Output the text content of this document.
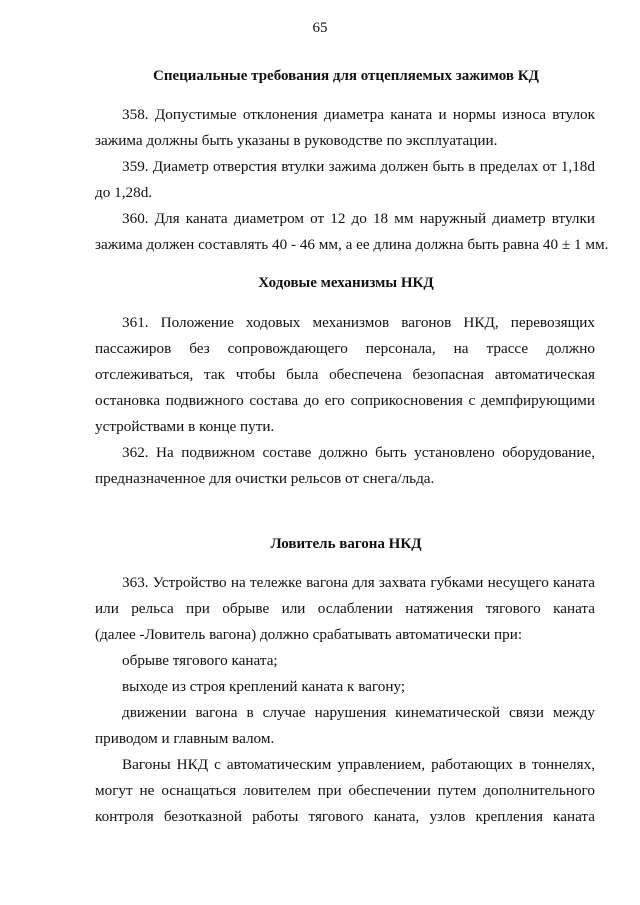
65
Специальные требования для отцепляемых зажимов КД
358. Допустимые отклонения диаметра каната и нормы износа втулок
зажима должны быть указаны в руководстве по эксплуатации.
359. Диаметр отверстия втулки зажима должен быть в пределах от 1,18d
до 1,28d.
360. Для каната диаметром от 12 до 18 мм наружный диаметр втулки
зажима должен составлять 40 - 46 мм, а ее длина должна быть равна 40 ± 1 мм.
Ходовые механизмы НКД
361. Положение ходовых механизмов вагонов НКД, перевозящих
пассажиров без сопровождающего персонала, на трассе должно
отслеживаться, так чтобы была обеспечена безопасная автоматическая
остановка подвижного состава до его соприкосновения с демпфирующими
устройствами в конце пути.
362. На подвижном составе должно быть установлено оборудование,
предназначенное для очистки рельсов от снега/льда.
Ловитель вагона НКД
363. Устройство на тележке вагона для захвата губками несущего каната
или рельса при обрыве или ослаблении натяжения тягового каната
(далее -Ловитель вагона) должно срабатывать автоматически при:
обрыве тягового каната;
выходе из строя креплений каната к вагону;
движении вагона в случае нарушения кинематической связи между
приводом и главным валом.
Вагоны НКД с автоматическим управлением, работающих в тоннелях,
могут не оснащаться ловителем при обеспечении путем дополнительного
контроля безотказной работы тягового каната, узлов крепления каната
